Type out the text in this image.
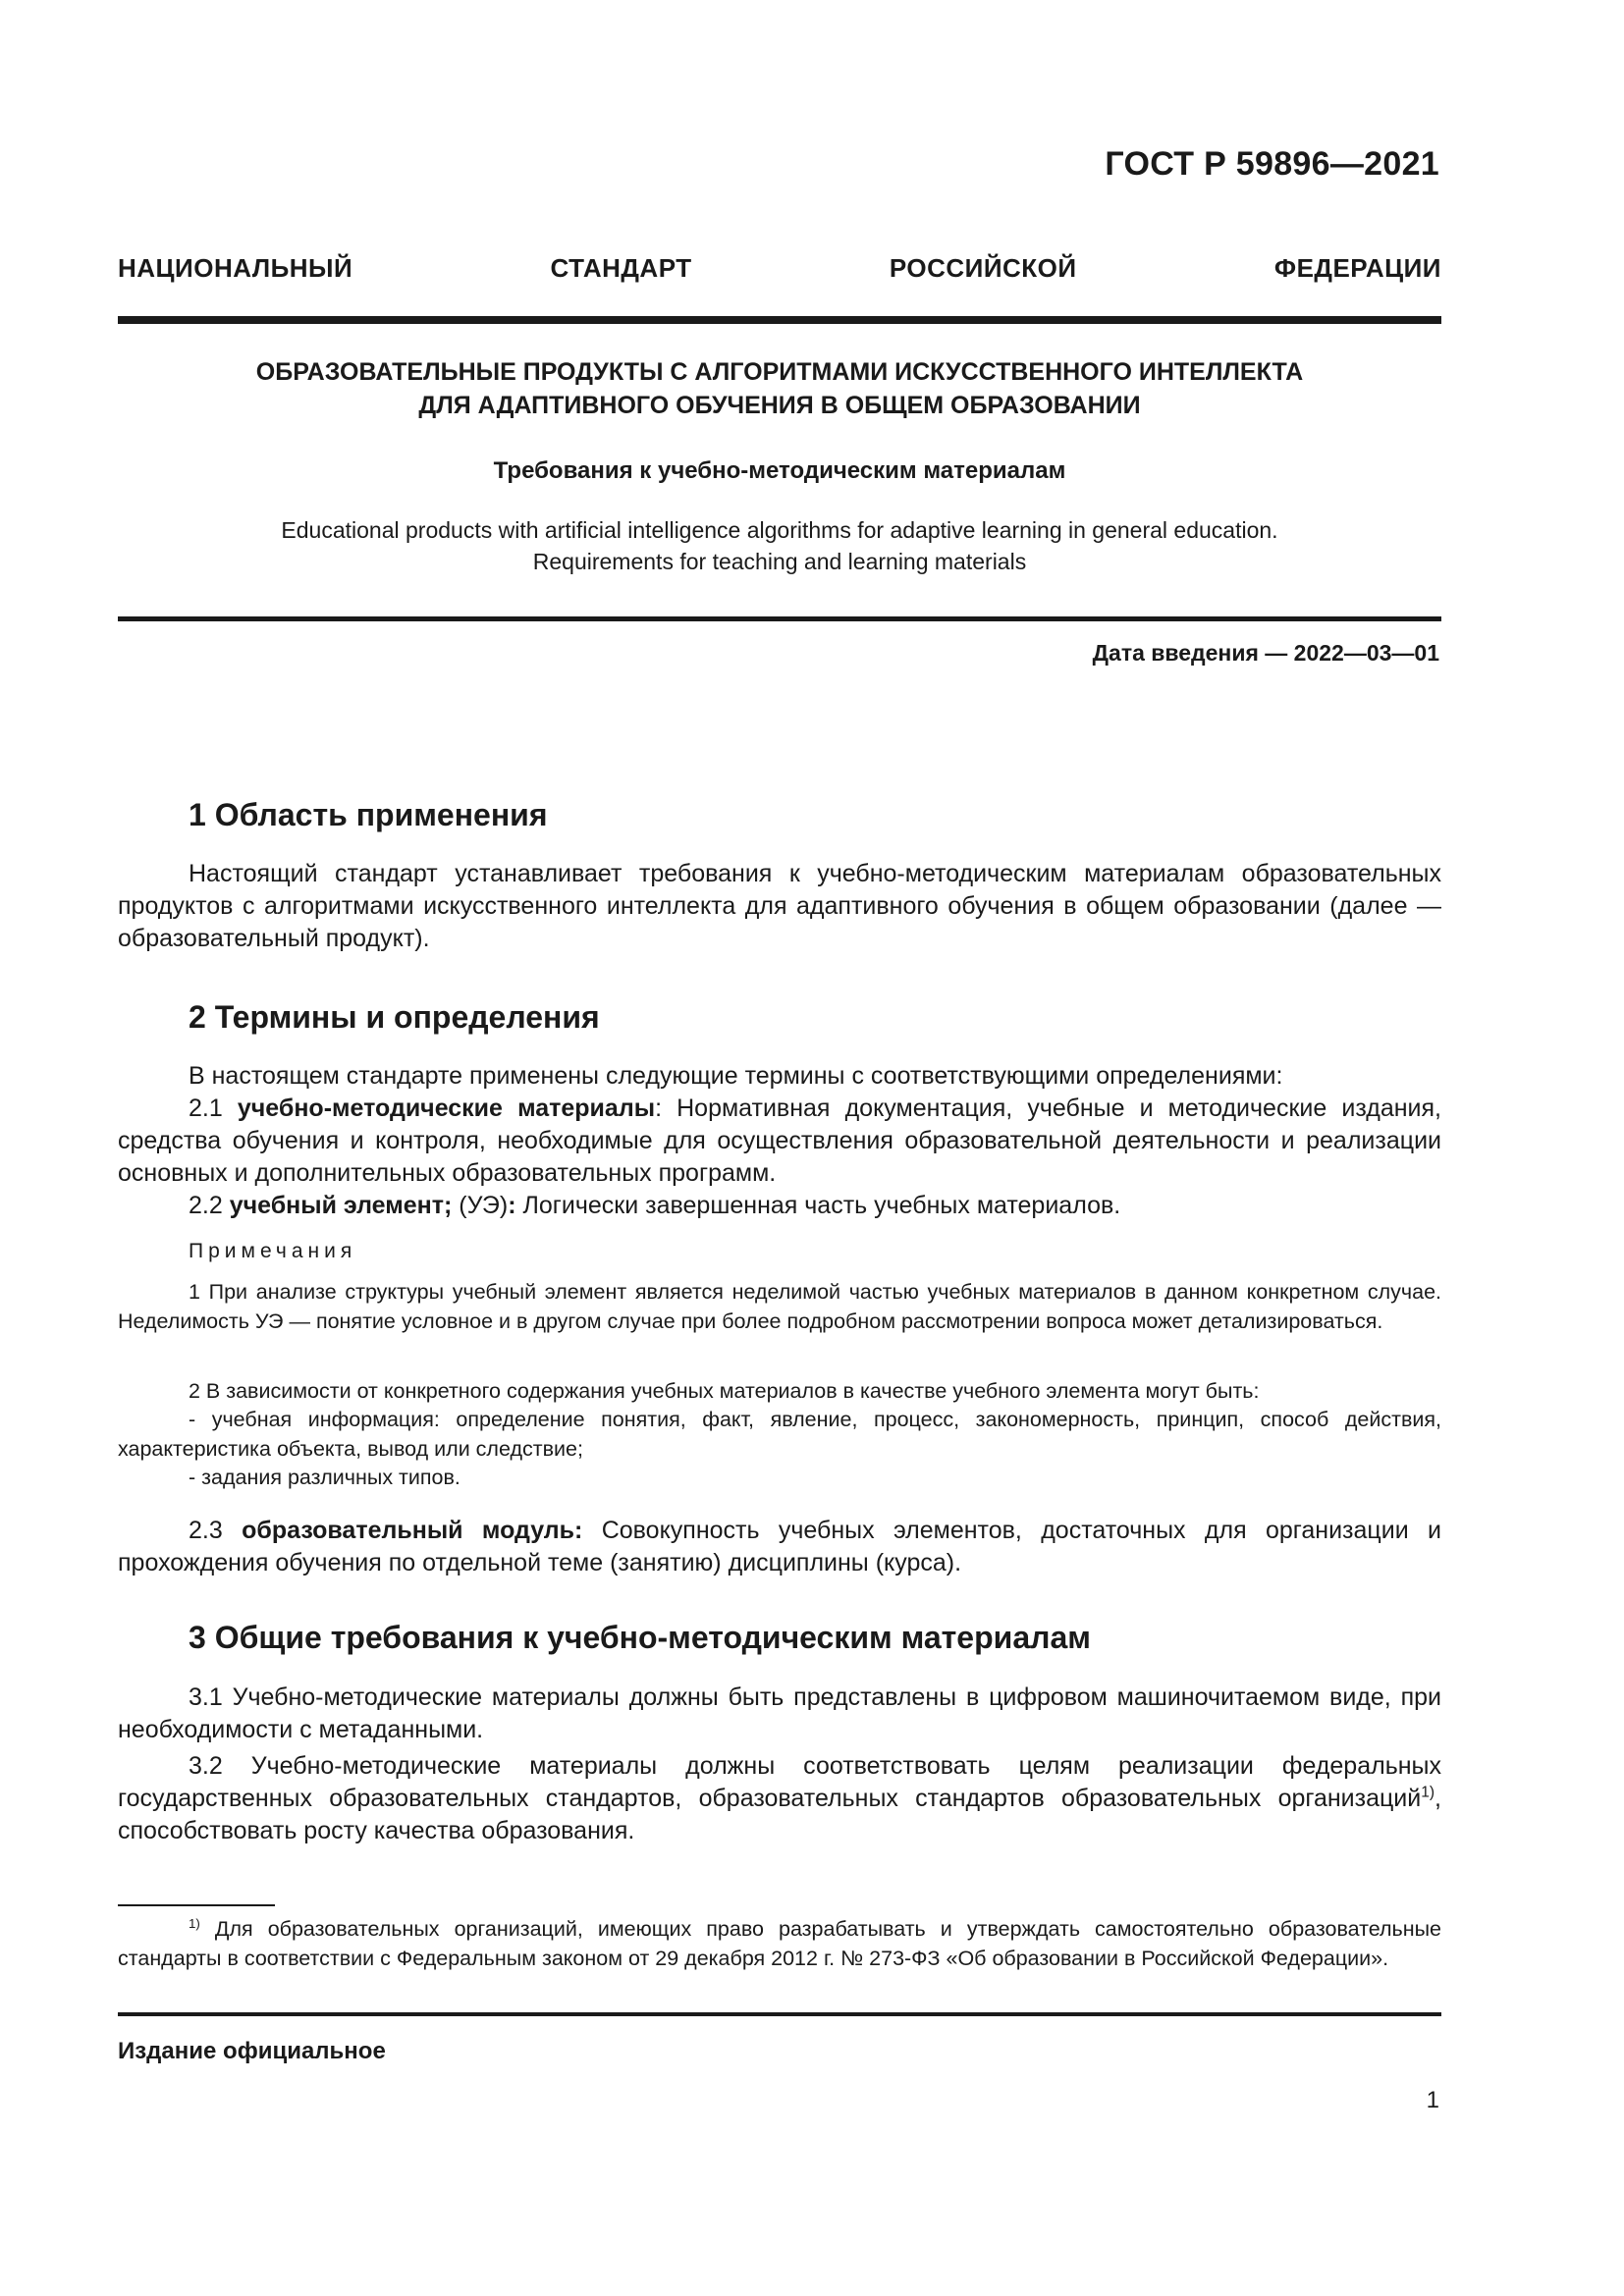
ГОСТ Р 59896—2021
НАЦИОНАЛЬНЫЙ СТАНДАРТ РОССИЙСКОЙ ФЕДЕРАЦИИ
ОБРАЗОВАТЕЛЬНЫЕ ПРОДУКТЫ С АЛГОРИТМАМИ ИСКУССТВЕННОГО ИНТЕЛЛЕКТА
ДЛЯ АДАПТИВНОГО ОБУЧЕНИЯ В ОБЩЕМ ОБРАЗОВАНИИ
Требования к учебно-методическим материалам
Educational products with artificial intelligence algorithms for adaptive learning in general education.
Requirements for teaching and learning materials
Дата введения — 2022—03—01
1 Область применения
Настоящий стандарт устанавливает требования к учебно-методическим материалам образовательных продуктов с алгоритмами искусственного интеллекта для адаптивного обучения в общем образовании (далее — образовательный продукт).
2 Термины и определения
В настоящем стандарте применены следующие термины с соответствующими определениями:
2.1 учебно-методические материалы: Нормативная документация, учебные и методические издания, средства обучения и контроля, необходимые для осуществления образовательной деятельности и реализации основных и дополнительных образовательных программ.
2.2 учебный элемент; (УЭ): Логически завершенная часть учебных материалов.
Примечания
1 При анализе структуры учебный элемент является неделимой частью учебных материалов в данном конкретном случае. Неделимость УЭ — понятие условное и в другом случае при более подробном рассмотрении вопроса может детализироваться.
2 В зависимости от конкретного содержания учебных материалов в качестве учебного элемента могут быть:
- учебная информация: определение понятия, факт, явление, процесс, закономерность, принцип, способ действия, характеристика объекта, вывод или следствие;
- задания различных типов.
2.3 образовательный модуль: Совокупность учебных элементов, достаточных для организации и прохождения обучения по отдельной теме (занятию) дисциплины (курса).
3 Общие требования к учебно-методическим материалам
3.1 Учебно-методические материалы должны быть представлены в цифровом машиночитаемом виде, при необходимости с метаданными.
3.2 Учебно-методические материалы должны соответствовать целям реализации федеральных государственных образовательных стандартов, образовательных стандартов образовательных организаций$^{1)}$, способствовать росту качества образования.
$^{1)}$ Для образовательных организаций, имеющих право разрабатывать и утверждать самостоятельно образовательные стандарты в соответствии с Федеральным законом от 29 декабря 2012 г. № 273-ФЗ «Об образовании в Российской Федерации».
Издание официальное
1
